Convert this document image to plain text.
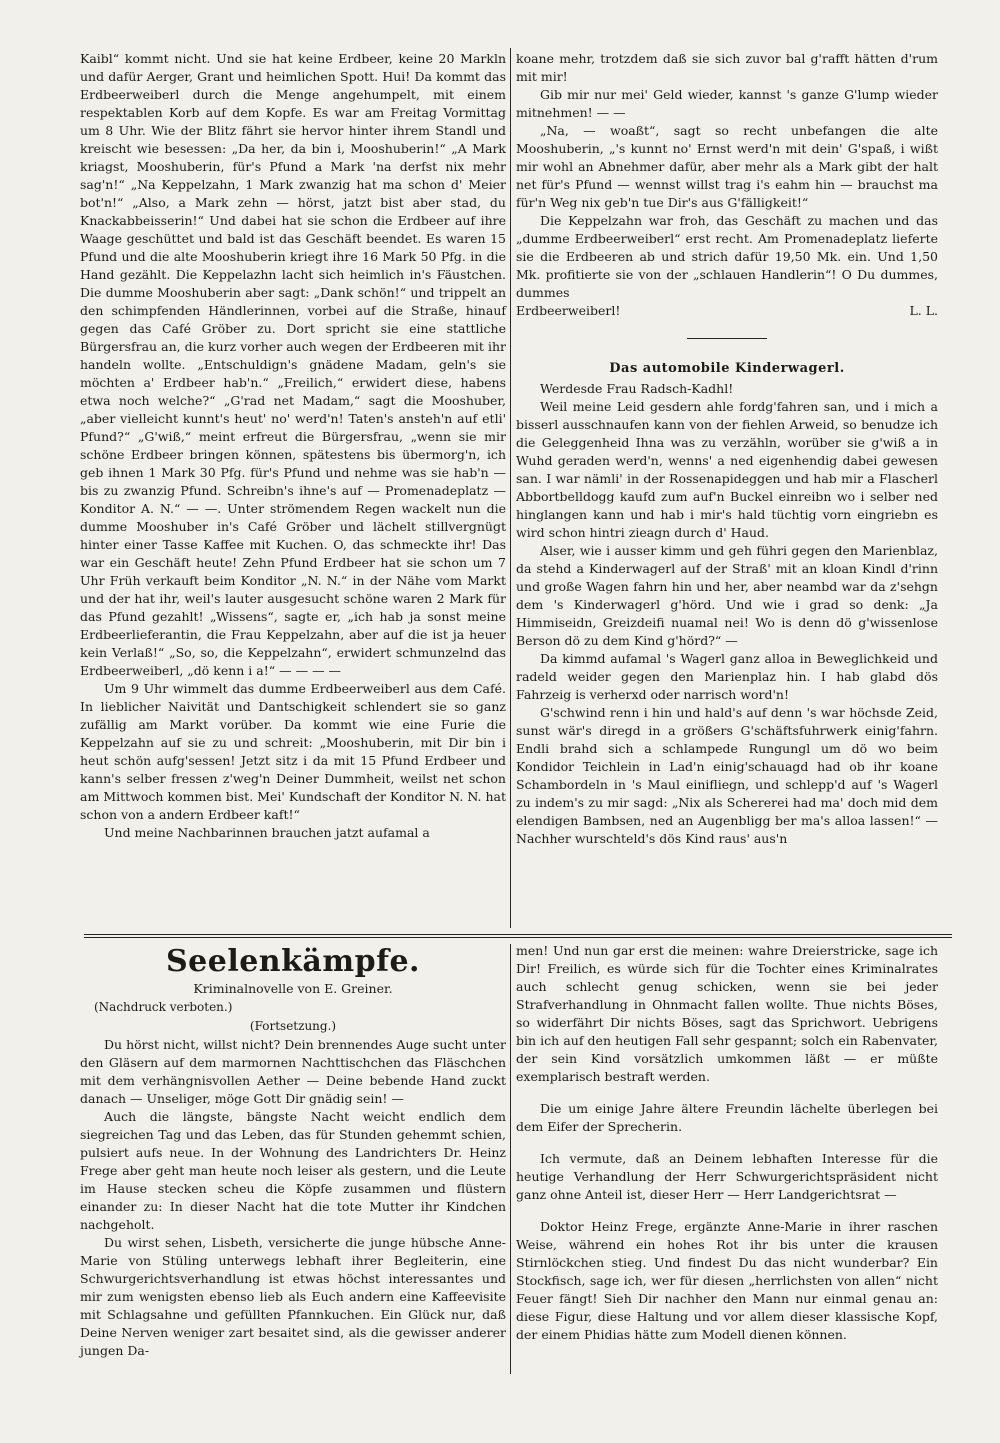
Kaibl“ kommt nicht. Und sie hat keine Erdbeer, keine 20 Markln und dafür Aerger, Grant und heimlichen Spott. Hui! Da kommt das Erdbeerweiberl durch die Menge angehumpelt, mit einem respektablen Korb auf dem Kopfe. Es war am Freitag Vormittag um 8 Uhr. Wie der Blitz fährt sie hervor hinter ihrem Standl und kreischt wie besessen: „Da her, da bin i, Mooshuberin!“ „A Mark kriagst, Mooshuberin, für's Pfund a Mark 'na derfst nix mehr sag'n!“ „Na Keppelzahn, 1 Mark zwanzig hat ma schon d' Meier bot'n!“ „Also, a Mark zehn — hörst, jatzt bist aber stad, du Knackabbeisserin!“ Und dabei hat sie schon die Erdbeer auf ihre Waage geschüttet und bald ist das Geschäft beendet. Es waren 15 Pfund und die alte Mooshuberin kriegt ihre 16 Mark 50 Pfg. in die Hand gezählt. Die Keppelazhn lacht sich heimlich in's Fäustchen. Die dumme Mooshuberin aber sagt: „Dank schön!“ und trippelt an den schimpfenden Händlerinnen, vorbei auf die Straße, hinauf gegen das Café Gröber zu. Dort spricht sie eine stattliche Bürgersfrau an, die kurz vorher auch wegen der Erdbeeren mit ihr handeln wollte. „Entschuldign's gnädene Madam, geln's sie möchten a' Erdbeer hab'n.“ „Freilich,“ erwidert diese, habens etwa noch welche?“ „G'rad net Madam,“ sagt die Mooshuber, „aber vielleicht kunnt's heut' no' werd'n! Taten's ansteh'n auf etli' Pfund?“ „G'wiß,“ meint erfreut die Bürgersfrau, „wenn sie mir schöne Erdbeer bringen können, spätestens bis übermorg'n, ich geb ihnen 1 Mark 30 Pfg. für's Pfund und nehme was sie hab'n — bis zu zwanzig Pfund. Schreibn's ihne's auf — Promenadeplatz — Konditor A. N.“ — —. Unter strömendem Regen wackelt nun die dumme Mooshuber in's Café Gröber und lächelt stillvergnügt hinter einer Tasse Kaffee mit Kuchen. O, das schmeckte ihr! Das war ein Geschäft heute! Zehn Pfund Erdbeer hat sie schon um 7 Uhr Früh verkauft beim Konditor „N. N.“ in der Nähe vom Markt und der hat ihr, weil's lauter ausgesucht schöne waren 2 Mark für das Pfund gezahlt! „Wissens“, sagte er, „ich hab ja sonst meine Erdbeerlieferantin, die Frau Keppelzahn, aber auf die ist ja heuer kein Verlaß!“ „So, so, die Keppelzahn“, erwidert schmunzelnd das Erdbeerweiberl, „dö kenn i a!“ — — — —

Um 9 Uhr wimmelt das dumme Erdbeerweiberl aus dem Café. In lieblicher Naivität und Dantschigkeit schlendert sie so ganz zufällig am Markt vorüber. Da kommt wie eine Furie die Keppelzahn auf sie zu und schreit: „Mooshuberin, mit Dir bin i heut schön aufg'sessen! Jetzt sitz i da mit 15 Pfund Erdbeer und kann's selber fressen z'weg'n Deiner Dummheit, weilst net schon am Mittwoch kommen bist. Mei' Kundschaft der Konditor N. N. hat schon von a andern Erdbeer kaft!“

Und meine Nachbarinnen brauchen jatzt aufamal a

koane mehr, trotzdem daß sie sich zuvor bal g'rafft hätten d'rum mit mir!

Gib mir nur mei' Geld wieder, kannst 's ganze G'lump wieder mitnehmen! — —

„Na, — woaßt“, sagt so recht unbefangen die alte Mooshuberin, „'s kunnt no' Ernst werd'n mit dein' G'spaß, i wißt mir wohl an Abnehmer dafür, aber mehr als a Mark gibt der halt net für's Pfund — wennst willst trag i's eahm hin — brauchst ma für'n Weg nix geb'n tue Dir's aus G'fälligkeit!“

Die Keppelzahn war froh, das Geschäft zu machen und das „dumme Erdbeerweiberl“ erst recht. Am Promenadeplatz lieferte sie die Erdbeeren ab und strich dafür 19,50 Mk. ein. Und 1,50 Mk. profitierte sie von der „schlauen Handlerin“! O Du dummes, dummes

Erdbeerweiberl!	L. L.

Das automobile Kinderwagerl.

Werdesde Frau Radsch-Kadhl!

Weil meine Leid gesdern ahle fordg'fahren san, und i mich a bisserl ausschnaufen kann von der fiehlen Arweid, so benudze ich die Geleggenheid Ihna was zu verzähln, worüber sie g'wiß a in Wuhd geraden werd'n, wenns' a ned eigenhendig dabei gewesen san. I war nämli' in der Rossenapideggen und hab mir a Flascherl Abbortbelldogg kaufd zum auf'n Buckel einreibn wo i selber ned hinglangen kann und hab i mir's hald tüchtig vorn eingriebn es wird schon hintri zieagn durch d' Haud.

Alser, wie i ausser kimm und geh führi gegen den Marienblaz, da stehd a Kinderwagerl auf der Straß' mit an kloan Kindl d'rinn und große Wagen fahrn hin und her, aber neambd war da z'sehgn dem 's Kinderwagerl g'hörd. Und wie i grad so denk: „Ja Himmiseidn, Greizdeifi nuamal nei! Wo is denn dö g'wissenlose Berson dö zu dem Kind g'hörd?“ —

Da kimmd aufamal 's Wagerl ganz alloa in Beweglichkeid und radeld weider gegen den Marienplaz hin. I hab glabd dös Fahrzeig is verherxd oder narrisch word'n!

G'schwind renn i hin und hald's auf denn 's war höchsde Zeid, sunst wär's diregd in a größers G'schäftsfuhrwerk einig'fahrn. Endli brahd sich a schlampede Rungungl um dö wo beim Kondidor Teichlein in Lad'n einig'schauagd had ob ihr koane Schambordeln in 's Maul einifliegn, und schlepp'd auf 's Wagerl zu indem's zu mir sagd: „Nix als Scherereі had ma' doch mid dem elendigen Bambsen, ned an Augenbligg ber ma's alloa lassen!“ — Nachher wurschteld's dös Kind raus' aus'n

Seelenkämpfe.
Kriminalnovelle von E. Greiner.
(Nachdruck verboten.)
(Fortsetzung.)

Du hörst nicht, willst nicht? Dein brennendes Auge sucht unter den Gläsern auf dem marmornen Nachttischchen das Fläschchen mit dem verhängnisvollen Aether — Deine bebende Hand zuckt danach — Unseliger, möge Gott Dir gnädig sein! —

Auch die längste, bängste Nacht weicht endlich dem siegreichen Tag und das Leben, das für Stunden gehemmt schien, pulsiert aufs neue. In der Wohnung des Landrichters Dr. Heinz Frege aber geht man heute noch leiser als gestern, und die Leute im Hause stecken scheu die Köpfe zusammen und flüstern einander zu: In dieser Nacht hat die tote Mutter ihr Kindchen nachgeholt.

Du wirst sehen, Lisbeth, versicherte die junge hübsche Anne-Marie von Stüling unterwegs lebhaft ihrer Begleiterin, eine Schwurgerichtsverhandlung ist etwas höchst interessantes und mir zum wenigsten ebenso lieb als Euch andern eine Kaffeevisite mit Schlagsahne und gefüllten Pfannkuchen. Ein Glück nur, daß Deine Nerven weniger zart besaitet sind, als die gewisser anderer jungen Da-

men! Und nun gar erst die meinen: wahre Dreierstricke, sage ich Dir! Freilich, es würde sich für die Tochter eines Kriminalrates auch schlecht genug schicken, wenn sie bei jeder Strafverhandlung in Ohnmacht fallen wollte. Thue nichts Böses, so widerfährt Dir nichts Böses, sagt das Sprichwort. Uebrigens bin ich auf den heutigen Fall sehr gespannt; solch ein Rabenvater, der sein Kind vorsätzlich umkommen läßt — er müßte exemplarisch bestraft werden.

Die um einige Jahre ältere Freundin lächelte überlegen bei dem Eifer der Sprecherin.

Ich vermute, daß an Deinem lebhaften Interesse für die heutige Verhandlung der Herr Schwurgerichtspräsident nicht ganz ohne Anteil ist, dieser Herr — Herr Landgerichtsrat —

Doktor Heinz Frege, ergänzte Anne-Marie in ihrer raschen Weise, während ein hohes Rot ihr bis unter die krausen Stirnlöckchen stieg. Und findest Du das nicht wunderbar? Ein Stockfisch, sage ich, wer für diesen „herrlichsten von allen“ nicht Feuer fängt! Sieh Dir nachher den Mann nur einmal genau an: diese Figur, diese Haltung und vor allem dieser klassische Kopf, der einem Phidias hätte zum Modell dienen können.
